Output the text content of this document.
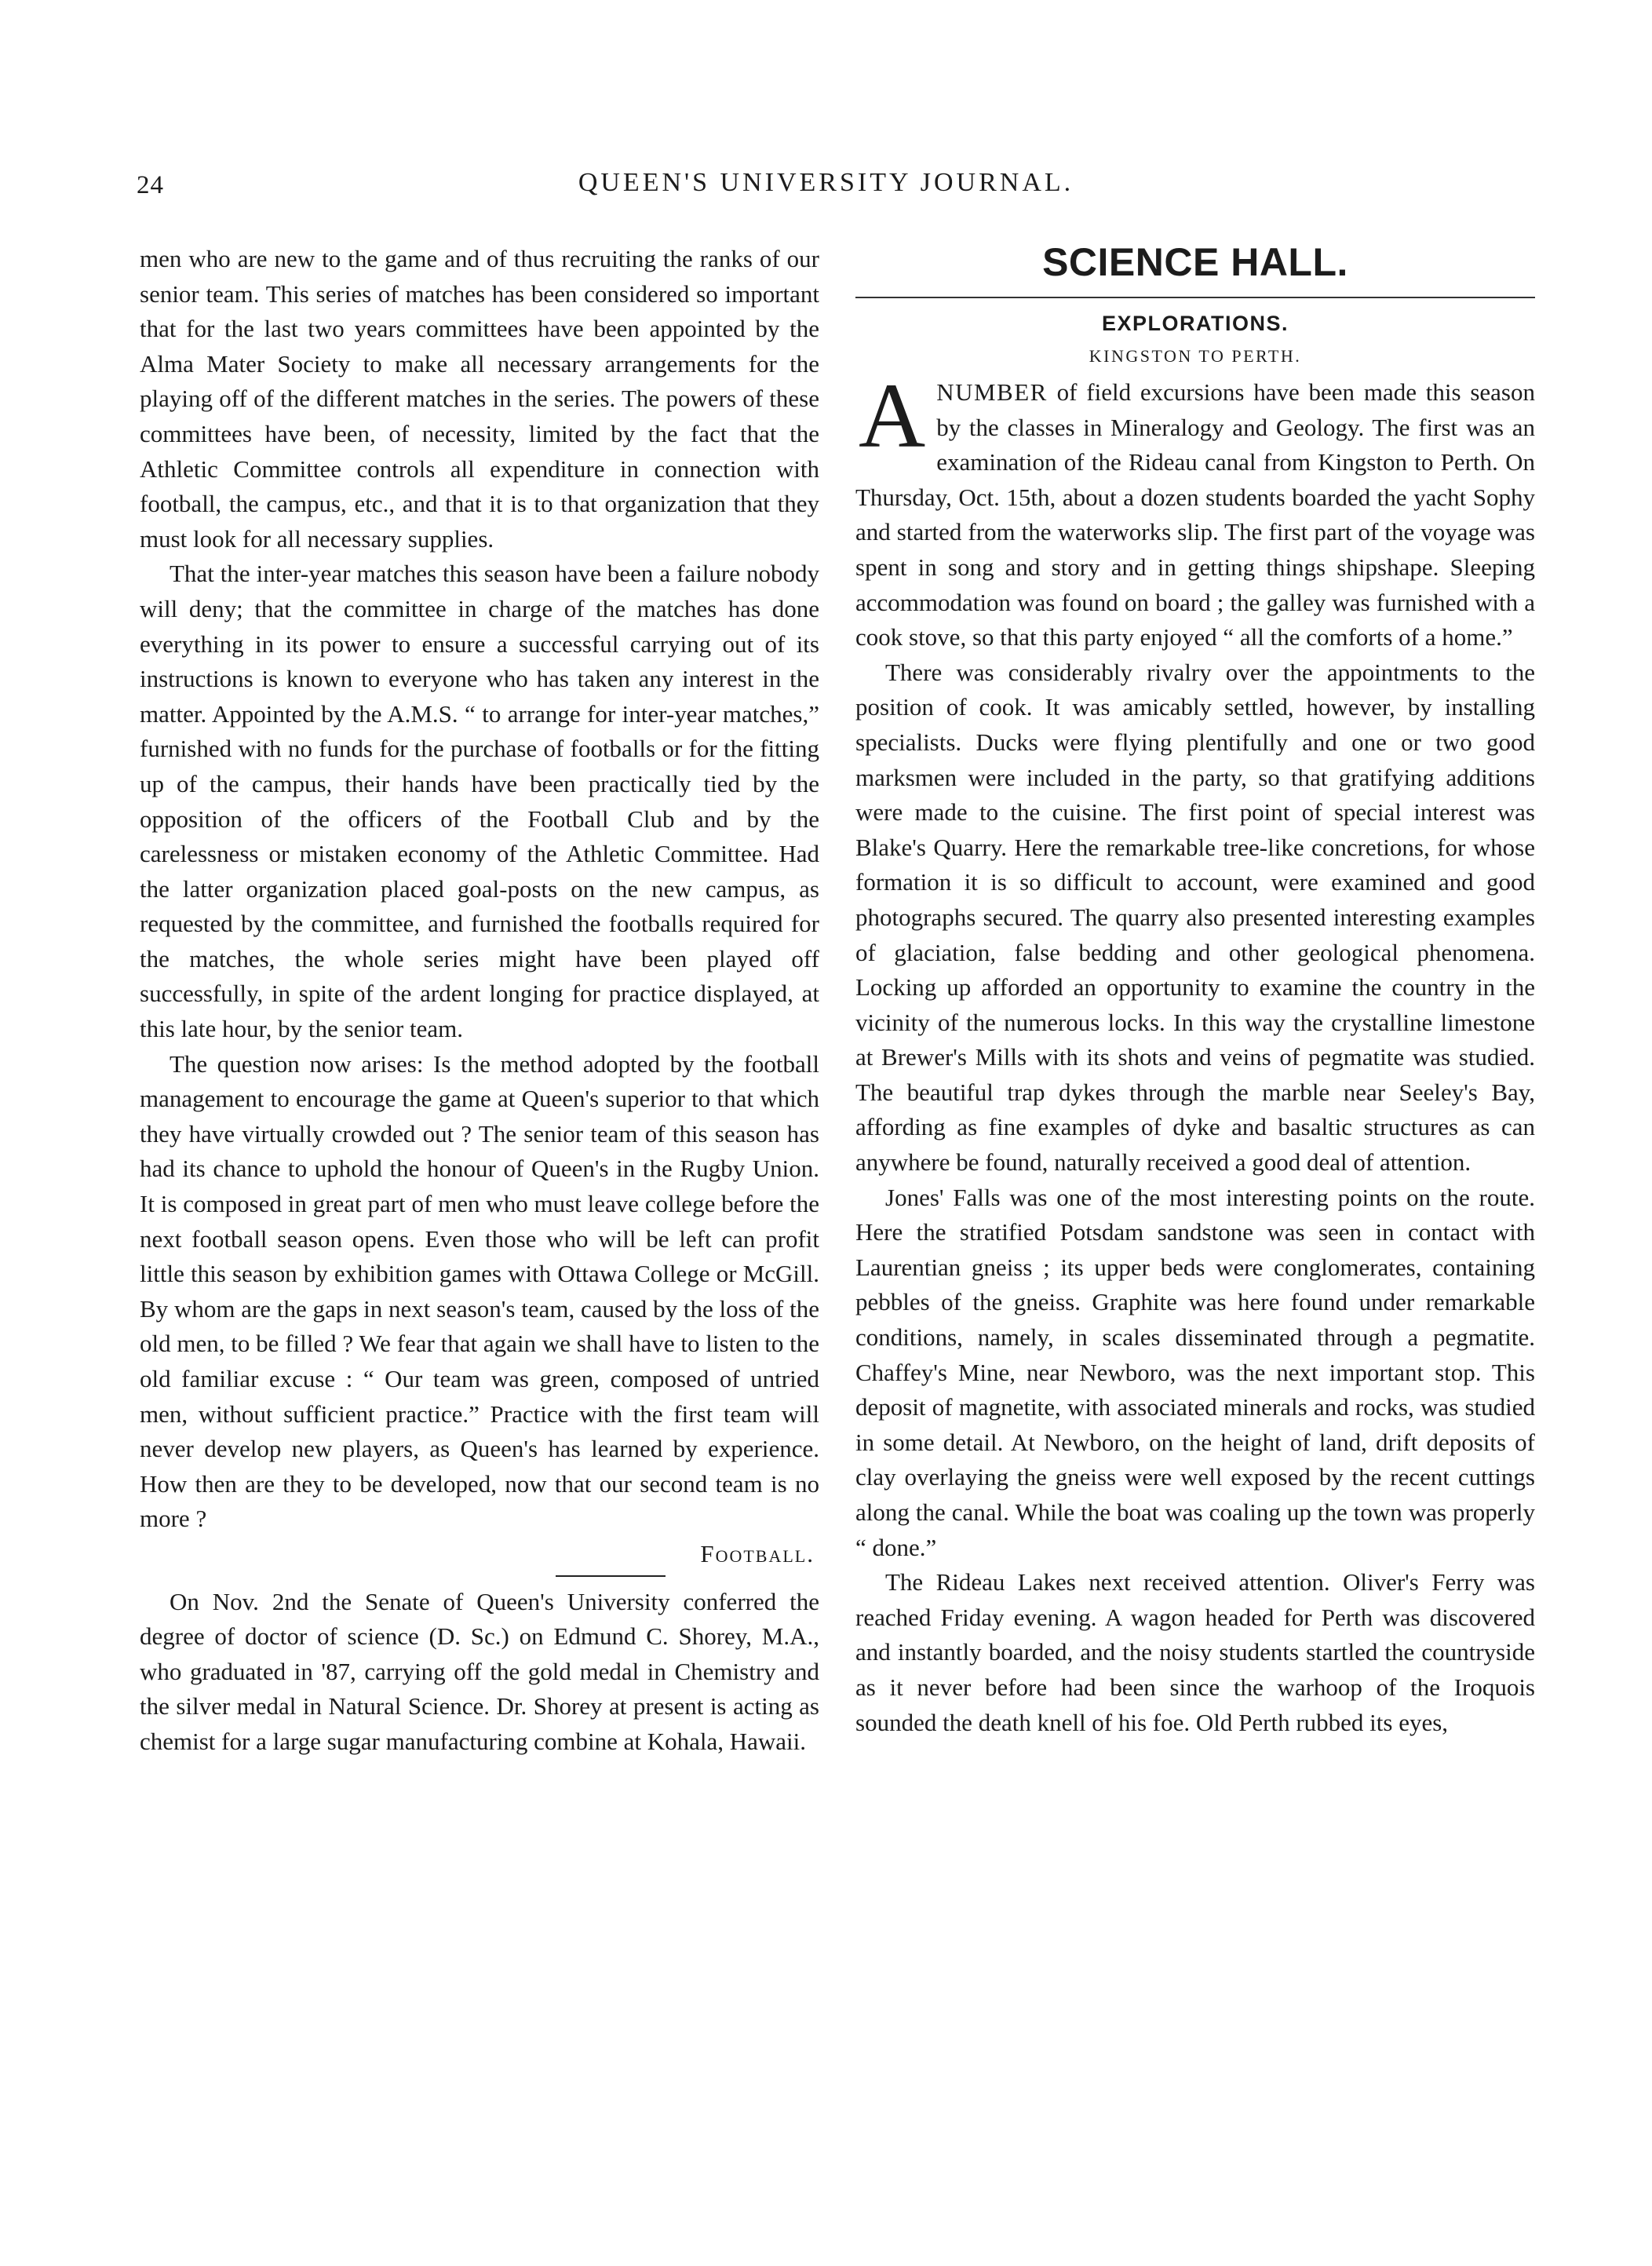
24	QUEEN'S UNIVERSITY JOURNAL.

men who are new to the game and of thus recruiting the ranks of our senior team. This series of matches has been considered so important that for the last two years committees have been appointed by the Alma Mater Society to make all necessary arrangements for the playing off of the different matches in the series. The powers of these committees have been, of necessity, limited by the fact that the Athletic Committee controls all expenditure in connection with football, the campus, etc., and that it is to that organization that they must look for all necessary supplies.

That the inter-year matches this season have been a failure nobody will deny; that the committee in charge of the matches has done everything in its power to ensure a successful carrying out of its instructions is known to everyone who has taken any interest in the matter. Appointed by the A.M.S. “ to arrange for inter-year matches,” furnished with no funds for the purchase of footballs or for the fitting up of the campus, their hands have been practically tied by the opposition of the officers of the Football Club and by the carelessness or mistaken economy of the Athletic Committee. Had the latter organization placed goal-posts on the new campus, as requested by the committee, and furnished the footballs required for the matches, the whole series might have been played off successfully, in spite of the ardent longing for practice displayed, at this late hour, by the senior team.

The question now arises: Is the method adopted by the football management to encourage the game at Queen's superior to that which they have virtually crowded out ? The senior team of this season has had its chance to uphold the honour of Queen's in the Rugby Union. It is composed in great part of men who must leave college before the next football season opens. Even those who will be left can profit little this season by exhibition games with Ottawa College or McGill. By whom are the gaps in next season's team, caused by the loss of the old men, to be filled ? We fear that again we shall have to listen to the old familiar excuse : “ Our team was green, composed of untried men, without sufficient practice.” Practice with the first team will never develop new players, as Queen's has learned by experience. How then are they to be developed, now that our second team is no more ?

Football.

On Nov. 2nd the Senate of Queen's University conferred the degree of doctor of science (D. Sc.) on Edmund C. Shorey, M.A., who graduated in '87, carrying off the gold medal in Chemistry and the silver medal in Natural Science. Dr. Shorey at present is acting as chemist for a large sugar manufacturing combine at Kohala, Hawaii.

SCIENCE HALL.
EXPLORATIONS.
KINGSTON TO PERTH.

ANUMBER of field excursions have been made this season by the classes in Mineralogy and Geology. The first was an examination of the Rideau canal from Kingston to Perth. On Thursday, Oct. 15th, about a dozen students boarded the yacht Sophy and started from the waterworks slip. The first part of the voyage was spent in song and story and in getting things shipshape. Sleeping accommodation was found on board ; the galley was furnished with a cook stove, so that this party enjoyed “ all the comforts of a home.”

There was considerably rivalry over the appointments to the position of cook. It was amicably settled, however, by installing specialists. Ducks were flying plentifully and one or two good marksmen were included in the party, so that gratifying additions were made to the cuisine. The first point of special interest was Blake's Quarry. Here the remarkable tree-like concretions, for whose formation it is so difficult to account, were examined and good photographs secured. The quarry also presented interesting examples of glaciation, false bedding and other geological phenomena. Locking up afforded an opportunity to examine the country in the vicinity of the numerous locks. In this way the crystalline limestone at Brewer's Mills with its shots and veins of pegmatite was studied. The beautiful trap dykes through the marble near Seeley's Bay, affording as fine examples of dyke and basaltic structures as can anywhere be found, naturally received a good deal of attention.

Jones' Falls was one of the most interesting points on the route. Here the stratified Potsdam sandstone was seen in contact with Laurentian gneiss ; its upper beds were conglomerates, containing pebbles of the gneiss. Graphite was here found under remarkable conditions, namely, in scales disseminated through a pegmatite. Chaffey's Mine, near Newboro, was the next important stop. This deposit of magnetite, with associated minerals and rocks, was studied in some detail. At Newboro, on the height of land, drift deposits of clay overlaying the gneiss were well exposed by the recent cuttings along the canal. While the boat was coaling up the town was properly “ done.”

The Rideau Lakes next received attention. Oliver's Ferry was reached Friday evening. A wagon headed for Perth was discovered and instantly boarded, and the noisy students startled the countryside as it never before had been since the warhoop of the Iroquois sounded the death knell of his foe. Old Perth rubbed its eyes,
